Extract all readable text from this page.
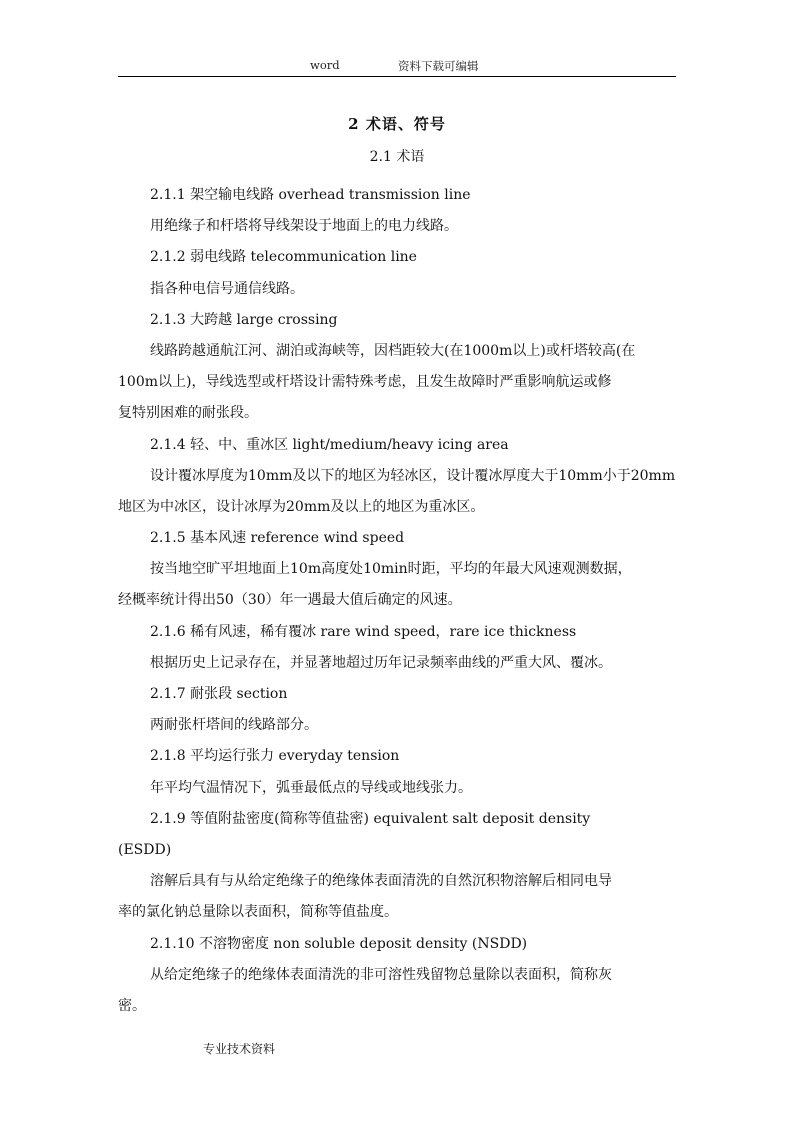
word	资料下载可编辑
2 术语、符号
2.1 术语
2.1.1 架空输电线路 overhead transmission line
用绝缘子和杆塔将导线架设于地面上的电力线路。
2.1.2 弱电线路 telecommunication line
指各种电信号通信线路。
2.1.3 大跨越 large crossing
线路跨越通航江河、湖泊或海峡等，因档距较大(在1000m以上)或杆塔较高(在
100m以上)，导线选型或杆塔设计需特殊考虑，且发生故障时严重影响航运或修
复特别困难的耐张段。
2.1.4 轻、中、重冰区 light/medium/heavy icing area
设计覆冰厚度为10mm及以下的地区为轻冰区，设计覆冰厚度大于10mm小于20mm
地区为中冰区，设计冰厚为20mm及以上的地区为重冰区。
2.1.5 基本风速 reference wind speed
按当地空旷平坦地面上10m高度处10min时距，平均的年最大风速观测数据，
经概率统计得出50（30）年一遇最大值后确定的风速。
2.1.6 稀有风速，稀有覆冰 rare wind speed，rare ice thickness
根据历史上记录存在，并显著地超过历年记录频率曲线的严重大风、覆冰。
2.1.7 耐张段 section
两耐张杆塔间的线路部分。
2.1.8 平均运行张力 everyday tension
年平均气温情况下，弧垂最低点的导线或地线张力。
2.1.9 等值附盐密度(简称等值盐密) equivalent salt deposit density
(ESDD)
溶解后具有与从给定绝缘子的绝缘体表面清洗的自然沉积物溶解后相同电导
率的氯化钠总量除以表面积，简称等值盐度。
2.1.10 不溶物密度 non soluble deposit density (NSDD)
从给定绝缘子的绝缘体表面清洗的非可溶性残留物总量除以表面积，简称灰
密。
专业技术资料
